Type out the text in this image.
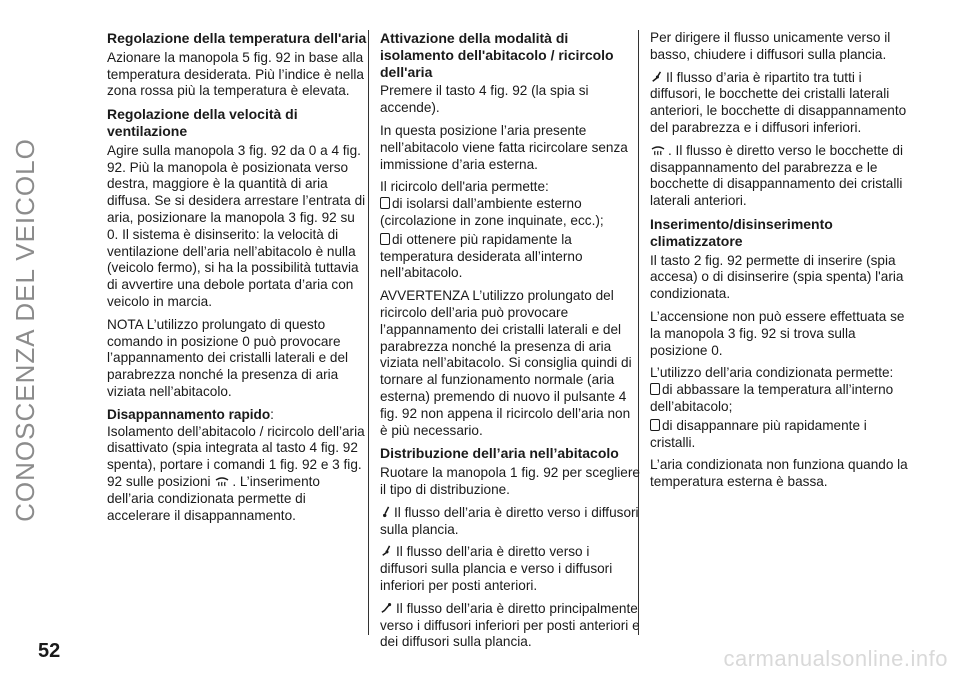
CONOSCENZA DEL VEICOLO
Regolazione della temperatura dell'aria

Azionare la manopola 5 fig. 92 in base alla temperatura desiderata. Più l’indice è nella zona rossa più la temperatura è elevata.

Regolazione della velocità di ventilazione

Agire sulla manopola 3 fig. 92 da 0 a 4 fig. 92. Più la manopola è posizionata verso destra, maggiore è la quantità di aria diffusa. Se si desidera arrestare l’entrata di aria, posizionare la manopola 3 fig. 92 su 0. Il sistema è disinserito: la velocità di ventilazione dell’aria nell’abitacolo è nulla (veicolo fermo), si ha la possibilità tuttavia di avvertire una debole portata d’aria con veicolo in marcia.

NOTA L’utilizzo prolungato di questo comando in posizione 0 può provocare l’appannamento dei cristalli laterali e del parabrezza nonché la presenza di aria viziata nell’abitacolo.

Disappannamento rapido:
Isolamento dell’abitacolo / ricircolo dell’aria disattivato (spia integrata al tasto 4 fig. 92 spenta), portare i comandi 1 fig. 92 e 3 fig. 92 sulle posizioni . L’inserimento dell’aria condizionata permette di accelerare il disappannamento.

Attivazione della modalità di isolamento dell'abitacolo / ricircolo dell'aria

Premere il tasto 4 fig. 92 (la spia si accende).

In questa posizione l’aria presente nell’abitacolo viene fatta ricircolare senza immissione d’aria esterna.

Il ricircolo dell'aria permette:

di isolarsi dall’ambiente esterno (circolazione in zone inquinate, ecc.);

di ottenere più rapidamente la temperatura desiderata all’interno nell’abitacolo.

AVVERTENZA L’utilizzo prolungato del ricircolo dell’aria può provocare l’appannamento dei cristalli laterali e del parabrezza nonché la presenza di aria viziata nell’abitacolo. Si consiglia quindi di tornare al funzionamento normale (aria esterna) premendo di nuovo il pulsante 4 fig. 92 non appena il ricircolo dell’aria non è più necessario.

Distribuzione dell’aria nell’abitacolo

Ruotare la manopola 1 fig. 92 per scegliere il tipo di distribuzione.

Il flusso dell’aria è diretto verso i diffusori sulla plancia.

Il flusso dell’aria è diretto verso i diffusori sulla plancia e verso i diffusori inferiori per posti anteriori.

Il flusso dell’aria è diretto principalmente verso i diffusori inferiori per posti anteriori e dei diffusori sulla plancia.

Per dirigere il flusso unicamente verso il basso, chiudere i diffusori sulla plancia.

Il flusso d’aria è ripartito tra tutti i diffusori, le bocchette dei cristalli laterali anteriori, le bocchette di disappannamento del parabrezza e i diffusori inferiori.

. Il flusso è diretto verso le bocchette di disappannamento del parabrezza e le bocchette di disappannamento dei cristalli laterali anteriori.

Inserimento/disinserimento climatizzatore

Il tasto 2 fig. 92 permette di inserire (spia accesa) o di disinserire (spia spenta) l'aria condizionata.

L’accensione non può essere effettuata se la manopola 3 fig. 92 si trova sulla posizione 0.

L’utilizzo dell’aria condizionata permette:

di abbassare la temperatura all’interno dell’abitacolo;

di disappannare più rapidamente i cristalli.

L’aria condizionata non funziona quando la temperatura esterna è bassa.

52	carmanualsonline.info
